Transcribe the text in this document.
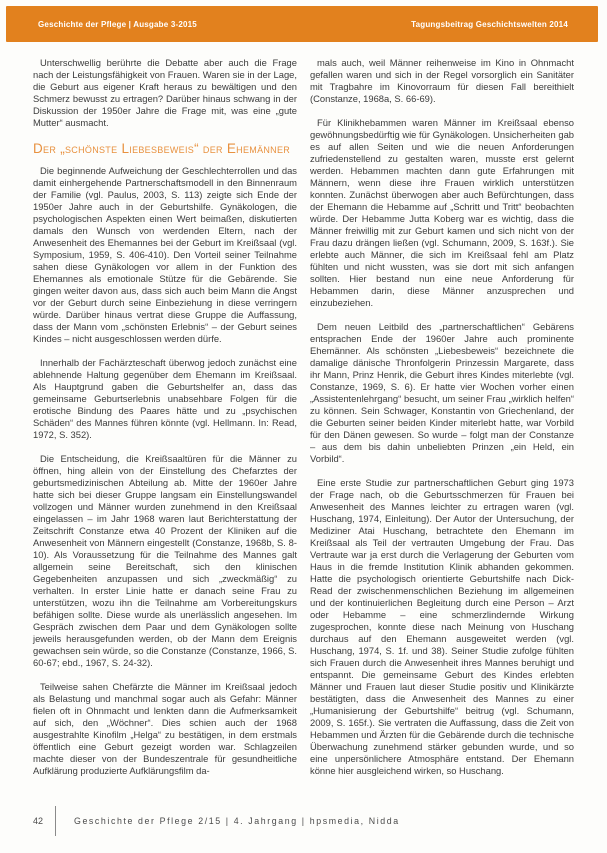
Geschichte der Pflege | Ausgabe 3-2015	Tagungsbeitrag Geschichtswelten 2014

Unterschwellig berührte die Debatte aber auch die Frage nach der Leistungsfähigkeit von Frauen. Waren sie in der Lage, die Geburt aus eigener Kraft heraus zu bewältigen und den Schmerz bewusst zu ertragen? Darüber hinaus schwang in der Diskussion der 1950er Jahre die Frage mit, was eine „gute Mutter“ ausmacht.

Der „schönste Liebesbeweis“ der Ehemänner

Die beginnende Aufweichung der Geschlechterrollen und das damit einhergehende Partnerschaftsmodell in den Binnenraum der Familie (vgl. Paulus, 2003, S. 113) zeigte sich Ende der 1950er Jahre auch in der Geburtshilfe. Gynäkologen, die psychologischen Aspekten einen Wert beimaßen, diskutierten damals den Wunsch von werdenden Eltern, nach der Anwesenheit des Ehemannes bei der Geburt im Kreißsaal (vgl. Symposium, 1959, S. 406-410). Den Vorteil seiner Teilnahme sahen diese Gynäkologen vor allem in der Funktion des Ehemannes als emotionale Stütze für die Gebärende. Sie gingen weiter davon aus, dass sich auch beim Mann die Angst vor der Geburt durch seine Einbeziehung in diese verringern würde. Darüber hinaus vertrat diese Gruppe die Auffassung, dass der Mann vom „schönsten Erlebnis“ – der Geburt seines Kindes – nicht ausgeschlossen werden dürfe.

Innerhalb der Fachärzteschaft überwog jedoch zunächst eine ablehnende Haltung gegenüber dem Ehemann im Kreißsaal. Als Hauptgrund gaben die Geburtshelfer an, dass das gemeinsame Geburtserlebnis unabsehbare Folgen für die erotische Bindung des Paares hätte und zu „psychischen Schäden“ des Mannes führen könnte (vgl. Hellmann. In: Read, 1972, S. 352).

Die Entscheidung, die Kreißsaaltüren für die Männer zu öffnen, hing allein von der Einstellung des Chefarztes der geburtsmedizinischen Abteilung ab. Mitte der 1960er Jahre hatte sich bei dieser Gruppe langsam ein Einstellungswandel vollzogen und Männer wurden zunehmend in den Kreißsaal eingelassen – im Jahr 1968 waren laut Berichterstattung der Zeitschrift Constanze etwa 40 Prozent der Kliniken auf die Anwesenheit von Männern eingestellt (Constanze, 1968b, S. 8-10). Als Voraussetzung für die Teilnahme des Mannes galt allgemein seine Bereitschaft, sich den klinischen Gegebenheiten anzupassen und sich „zweckmäßig“ zu verhalten. In erster Linie hatte er danach seine Frau zu unterstützen, wozu ihn die Teilnahme am Vorbereitungskurs befähigen sollte. Diese wurde als unerlässlich angesehen. Im Gespräch zwischen dem Paar und dem Gynäkologen sollte jeweils herausgefunden werden, ob der Mann dem Ereignis gewachsen sein würde, so die Constanze (Constanze, 1966, S. 60-67; ebd., 1967, S. 24-32).

Teilweise sahen Chefärzte die Männer im Kreißsaal jedoch als Belastung und manchmal sogar auch als Gefahr: Männer fielen oft in Ohnmacht und lenkten dann die Aufmerksamkeit auf sich, den „Wöchner“. Dies schien auch der 1968 ausgestrahlte Kinofilm „Helga“ zu bestätigen, in dem erstmals öffentlich eine Geburt gezeigt worden war. Schlagzeilen machte dieser von der Bundeszentrale für gesundheitliche Aufklärung produzierte Aufklärungsfilm da-

mals auch, weil Männer reihenweise im Kino in Ohnmacht gefallen waren und sich in der Regel vorsorglich ein Sanitäter mit Tragbahre im Kinovorraum für diesen Fall bereithielt (Constanze, 1968a, S. 66-69).

Für Klinikhebammen waren Männer im Kreißsaal ebenso gewöhnungsbedürftig wie für Gynäkologen. Unsicherheiten gab es auf allen Seiten und wie die neuen Anforderungen zufriedenstellend zu gestalten waren, musste erst gelernt werden. Hebammen machten dann gute Erfahrungen mit Männern, wenn diese ihre Frauen wirklich unterstützen konnten. Zunächst überwogen aber auch Befürchtungen, dass der Ehemann die Hebamme auf „Schritt und Tritt“ beobachten würde. Der Hebamme Jutta Koberg war es wichtig, dass die Männer freiwillig mit zur Geburt kamen und sich nicht von der Frau dazu drängen ließen (vgl. Schumann, 2009, S. 163f.). Sie erlebte auch Männer, die sich im Kreißsaal fehl am Platz fühlten und nicht wussten, was sie dort mit sich anfangen sollten. Hier bestand nun eine neue Anforderung für Hebammen darin, diese Männer anzusprechen und einzubeziehen.

Dem neuen Leitbild des „partnerschaftlichen“ Gebärens entsprachen Ende der 1960er Jahre auch prominente Ehemänner. Als schönsten „Liebesbeweis“ bezeichnete die damalige dänische Thronfolgerin Prinzessin Margarete, dass ihr Mann, Prinz Henrik, die Geburt ihres Kindes miterlebte (vgl. Constanze, 1969, S. 6). Er hatte vier Wochen vorher einen „Assistentenlehrgang“ besucht, um seiner Frau „wirklich helfen“ zu können. Sein Schwager, Konstantin von Griechenland, der die Geburten seiner beiden Kinder miterlebt hatte, war Vorbild für den Dänen gewesen. So wurde – folgt man der Constanze – aus dem bis dahin unbeliebten Prinzen „ein Held, ein Vorbild“.

Eine erste Studie zur partnerschaftlichen Geburt ging 1973 der Frage nach, ob die Geburtsschmerzen für Frauen bei Anwesenheit des Mannes leichter zu ertragen waren (vgl. Huschang, 1974, Einleitung). Der Autor der Untersuchung, der Mediziner Atai Huschang, betrachtete den Ehemann im Kreißsaal als Teil der vertrauten Umgebung der Frau. Das Vertraute war ja erst durch die Verlagerung der Geburten vom Haus in die fremde Institution Klinik abhanden gekommen. Hatte die psychologisch orientierte Geburtshilfe nach Dick-Read der zwischenmenschlichen Beziehung im allgemeinen und der kontinuierlichen Begleitung durch eine Person – Arzt oder Hebamme – eine schmerzlindernde Wirkung zugesprochen, konnte diese nach Meinung von Huschang durchaus auf den Ehemann ausgeweitet werden (vgl. Huschang, 1974, S. 1f. und 38). Seiner Studie zufolge fühlten sich Frauen durch die Anwesenheit ihres Mannes beruhigt und entspannt. Die gemeinsame Geburt des Kindes erlebten Männer und Frauen laut dieser Studie positiv und Klinikärzte bestätigten, dass die Anwesenheit des Mannes zu einer „Humanisierung der Geburtshilfe“ beitrug (vgl. Schumann, 2009, S. 165f.). Sie vertraten die Auffassung, dass die Zeit von Hebammen und Ärzten für die Gebärende durch die technische Überwachung zunehmend stärker gebunden wurde, und so eine unpersönlichere Atmosphäre entstand. Der Ehemann könne hier ausgleichend wirken, so Huschang.

42	Geschichte der Pflege 2/15 | 4. Jahrgang | hpsmedia, Nidda
